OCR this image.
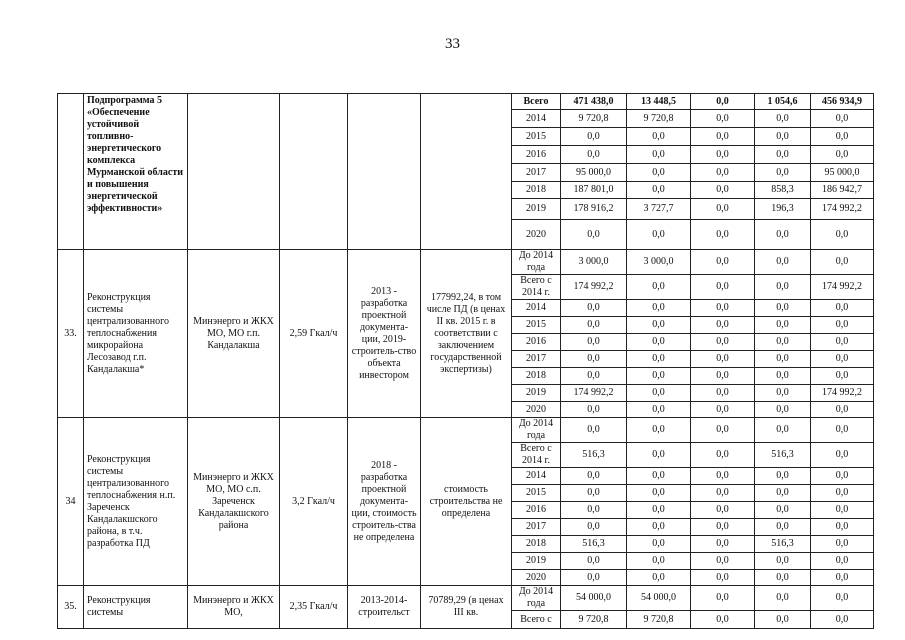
33
	Подпрограмма 5 «Обеспечение устойчивой топливно-энергетического комплекса Мурманской области и повышения энергетической эффективности»					Всего	471 438,0	13 448,5	0,0	1 054,6	456 934,9
						2014	9 720,8	9 720,8	0,0	0,0	0,0
						2015	0,0	0,0	0,0	0,0	0,0
						2016	0,0	0,0	0,0	0,0	0,0
						2017	95 000,0	0,0	0,0	0,0	95 000,0
						2018	187 801,0	0,0	0,0	858,3	186 942,7
						2019	178 916,2	3 727,7	0,0	196,3	174 992,2
						2020	0,0	0,0	0,0	0,0	0,0
33.	Реконструкция системы централизованного теплоснабжения микрорайона Лесозавод г.п. Кандалакша*	Минэнерго и ЖКХ МО, МО г.п. Кандалакша	2,59 Гкал/ч	2013 - разработка проектной документа-ции, 2019-строитель-ство объекта инвестором	177992,24, в том числе ПД (в ценах II кв. 2015 г. в соответствии с заключением государственной экспертизы)	До 2014 года	3 000,0	3 000,0	0,0	0,0	0,0
						Всего с 2014 г.	174 992,2	0,0	0,0	0,0	174 992,2
						2014	0,0	0,0	0,0	0,0	0,0
						2015	0,0	0,0	0,0	0,0	0,0
						2016	0,0	0,0	0,0	0,0	0,0
						2017	0,0	0,0	0,0	0,0	0,0
						2018	0,0	0,0	0,0	0,0	0,0
						2019	174 992,2	0,0	0,0	0,0	174 992,2
						2020	0,0	0,0	0,0	0,0	0,0
34	Реконструкция системы централизованного теплоснабжения н.п. Зареченск Кандалакшского района, в т.ч. разработка ПД	Минэнерго и ЖКХ МО, МО с.п. Зареченск Кандалакшского района	3,2 Гкал/ч	2018 - разработка проектной документа-ции, стоимость строитель-ства не определена	стоимость строительства не определена	До 2014 года	0,0	0,0	0,0	0,0	0,0
						Всего с 2014 г.	516,3	0,0	0,0	516,3	0,0
						2014	0,0	0,0	0,0	0,0	0,0
						2015	0,0	0,0	0,0	0,0	0,0
						2016	0,0	0,0	0,0	0,0	0,0
						2017	0,0	0,0	0,0	0,0	0,0
						2018	516,3	0,0	0,0	516,3	0,0
						2019	0,0	0,0	0,0	0,0	0,0
						2020	0,0	0,0	0,0	0,0	0,0
35.	Реконструкция системы	Минэнерго и ЖКХ МО,	2,35 Гкал/ч	2013-2014- строительст	70789,29 (в ценах III кв.	До 2014 года	54 000,0	54 000,0	0,0	0,0	0,0
						Всего с	9 720,8	9 720,8	0,0	0,0	0,0
